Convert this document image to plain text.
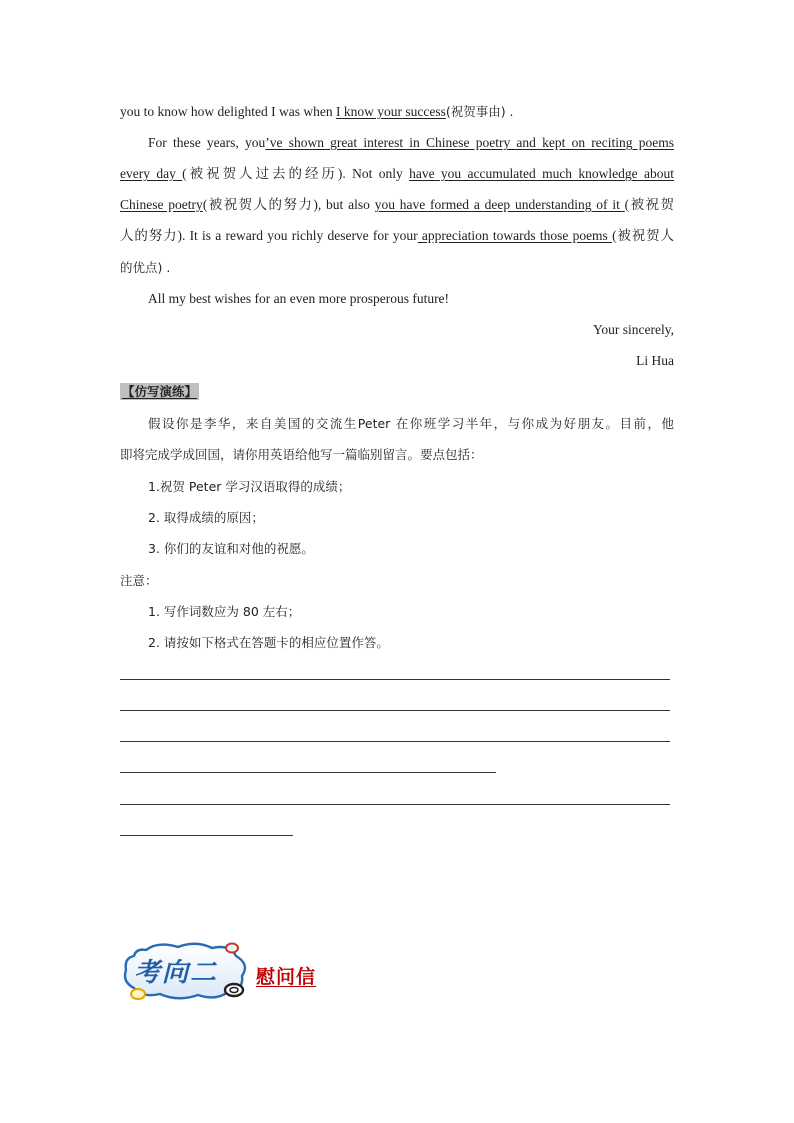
you to know how delighted I was when I know your success(祝贺事由) .
For these years, you’ve shown great interest in Chinese poetry and kept on reciting poems
every day (被祝贺人过去的经历). Not only have you accumulated much knowledge about
Chinese poetry(被祝贺人的努力), but also you have formed a deep understanding of it (被祝贺
人的努力). It is a reward you richly deserve for your appreciation towards those poems (被祝贺人
的优点) .
All my best wishes for an even more prosperous future!
Your sincerely,
Li Hua
【仿写演练】
假设你是李华，来自美国的交流生Peter 在你班学习半年，与你成为好朋友。目前，他
即将完成学成回国，请你用英语给他写一篇临别留言。要点包括：
1.祝贺 Peter 学习汉语取得的成绩；
2. 取得成绩的原因；
3. 你们的友谊和对他的祝愿。
注意：
1. 写作词数应为 80 左右；
2. 请按如下格式在答题卡的相应位置作答。
考向二 慰问信
